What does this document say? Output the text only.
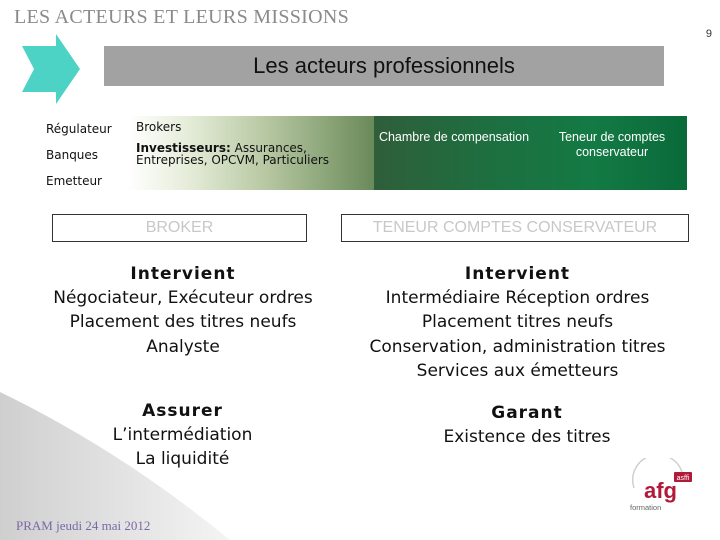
LES ACTEURS ET LEURS MISSIONS
9
Les acteurs professionnels
Régulateur
Banques
Emetteur
Brokers
Investisseurs: Assurances, Entreprises, OPCVM, Particuliers
Chambre de compensation	Teneur de comptes conservateur
BROKER	TENEUR COMPTES CONSERVATEUR
Intervient
Négociateur, Exécuteur ordres
Placement des titres neufs
Analyste
Intervient
Intermédiaire Réception ordres
Placement titres neufs
Conservation, administration titres
Services aux émetteurs
Assurer
L’intermédiation
La liquidité
Garant
Existence des titres
PRAM jeudi 24 mai 2012
asffi
afg
formation
